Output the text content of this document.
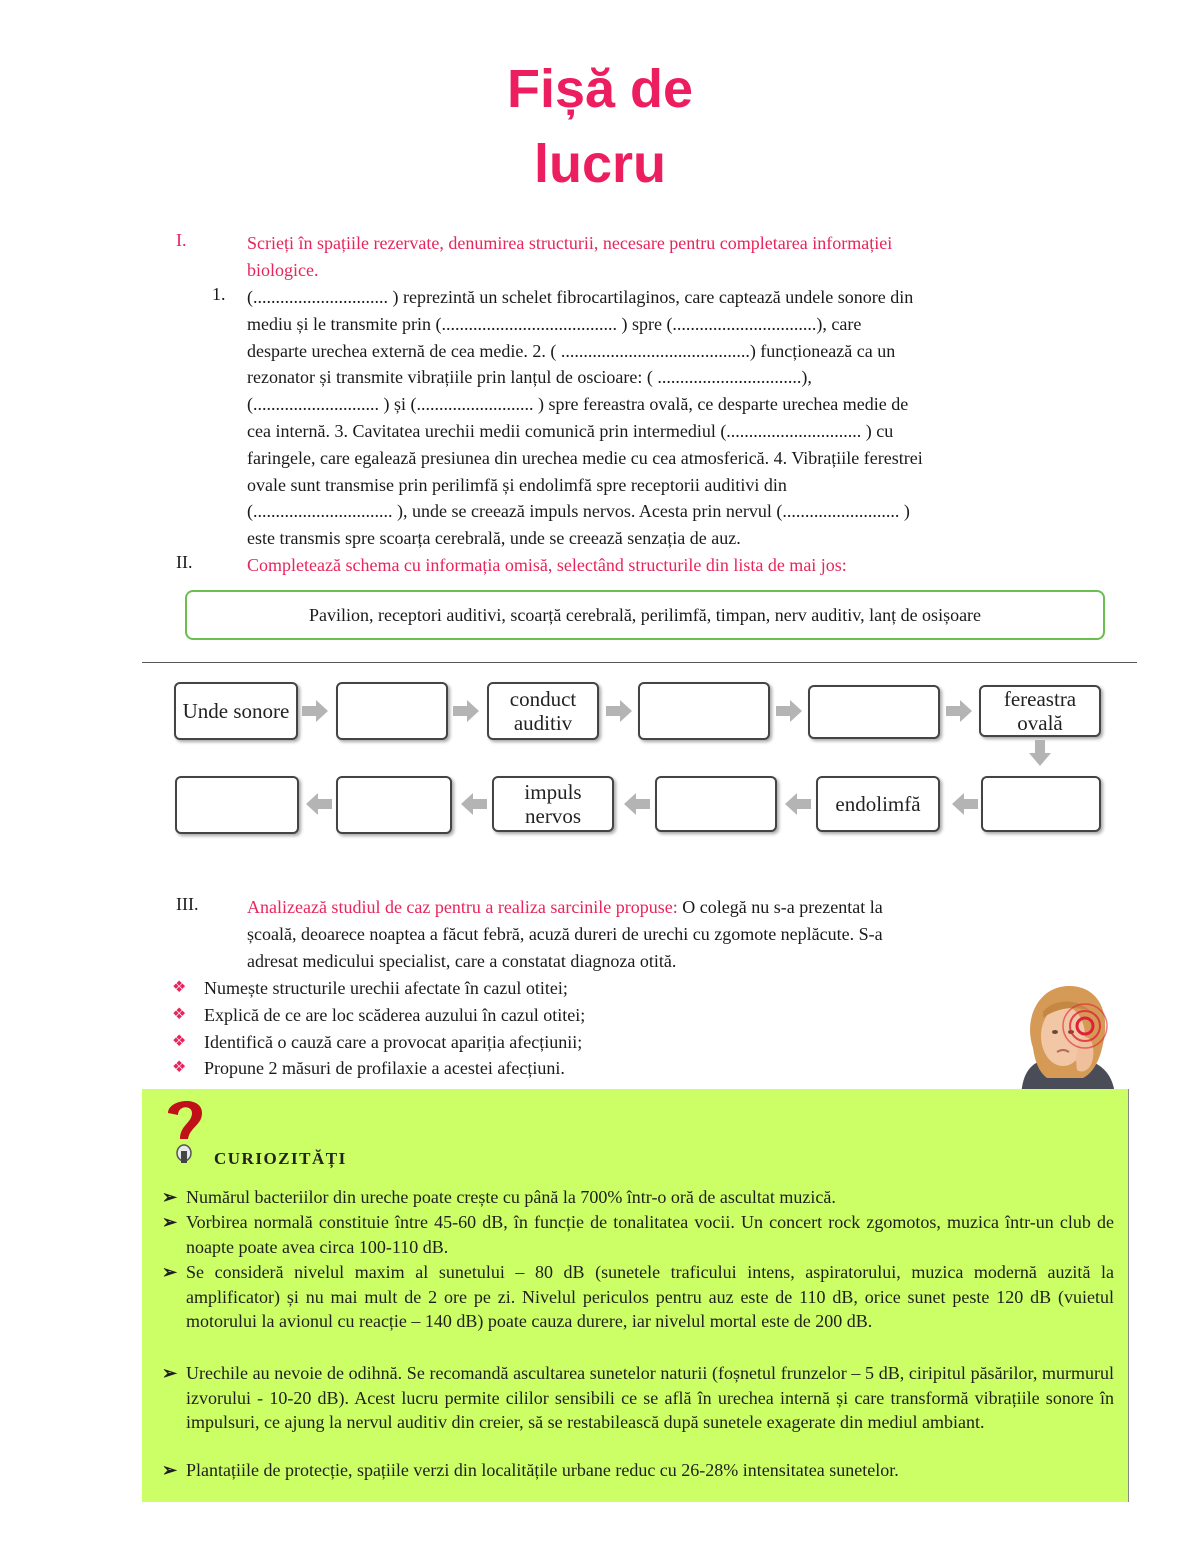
Fișă de
lucru
I.	Scrieți în spațiile rezervate, denumirea structurii, necesare pentru completarea informației
biologice.
1. (.............................. ) reprezintă un schelet fibrocartilaginos, care captează undele sonore din
mediu și le transmite prin (....................................... ) spre (................................), care
desparte urechea externă de cea medie. 2. ( ..........................................) funcționează ca un
rezonator și transmite vibrațiile prin lanțul de oscioare: ( ................................),
(............................ ) și (.......................... ) spre fereastra ovală, ce desparte urechea medie de
cea internă. 3. Cavitatea urechii medii comunică prin intermediul (.............................. ) cu
faringele, care egalează presiunea din urechea medie cu cea atmosferică. 4. Vibrațiile ferestrei
ovale sunt transmise prin perilimfă și endolimfă spre receptorii auditivi din
(............................... ), unde se creează impuls nervos. Acesta prin nervul (.......................... )
este transmis spre scoarța cerebrală, unde se creează senzația de auz.
II.	Completează schema cu informația omisă, selectând structurile din lista de mai jos:
Pavilion, receptori auditivi, scoarță cerebrală, perilimfă, timpan, nerv auditiv, lanț de osișoare
Unde sonore	conduct auditiv
fereastra ovală
impuls nervos	endolimfă
III.	Analizează studiul de caz pentru a realiza sarcinile propuse: O colegă nu s-a prezentat la
școală, deoarece noaptea a făcut febră, acuză dureri de urechi cu zgomote neplăcute. S-a
adresat medicului specialist, care a constatat diagnoza otită.
❖ Numește structurile urechii afectate în cazul otitei;
❖ Explică de ce are loc scăderea auzului în cazul otitei;
❖ Identifică o cauză care a provocat apariția afecțiunii;
❖ Propune 2 măsuri de profilaxie a acestei afecțiuni.
CURIOZITĂȚI
➢ Numărul bacteriilor din ureche poate crește cu până la 700% într-o oră de ascultat muzică.
➢ Vorbirea normală constituie între 45-60 dB, în funcție de tonalitatea vocii. Un concert rock zgomotos, muzica într-un club de noapte poate avea circa 100-110 dB.
➢ Se consideră nivelul maxim al sunetului – 80 dB (sunetele traficului intens, aspiratorului, muzica modernă auzită la amplificator) și nu mai mult de 2 ore pe zi. Nivelul periculos pentru auz este de 110 dB, orice sunet peste 120 dB (vuietul motorului la avionul cu reacție – 140 dB) poate cauza durere, iar nivelul mortal este de 200 dB.
➢ Urechile au nevoie de odihnă. Se recomandă ascultarea sunetelor naturii (foșnetul frunzelor – 5 dB, ciripitul păsărilor, murmurul izvorului - 10-20 dB). Acest lucru permite cililor sensibili ce se află în urechea internă și care transformă vibrațiile sonore în impulsuri, ce ajung la nervul auditiv din creier, să se restabilească după sunetele exagerate din mediul ambiant.
➢ Plantațiile de protecție, spațiile verzi din localitățile urbane reduc cu 26-28% intensitatea sunetelor.
